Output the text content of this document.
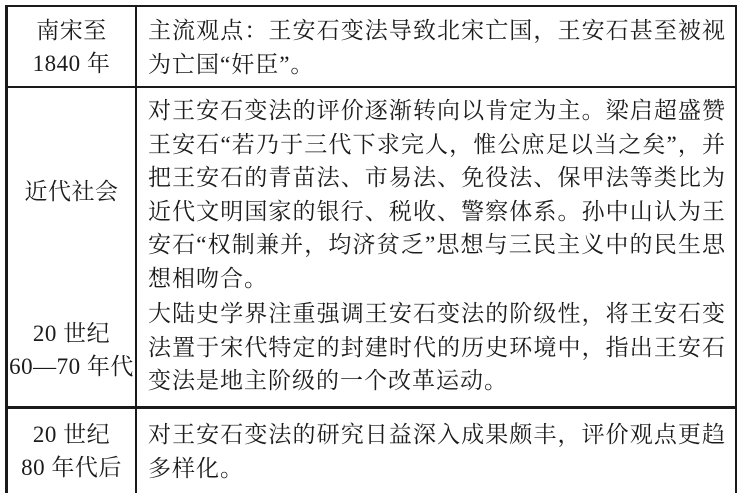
南宋至
1840 年
主流观点：王安石变法导致北宋亡国，王安石甚至被视为亡国“奸臣”。
近代社会
对王安石变法的评价逐渐转向以肯定为主。梁启超盛赞王安石“若乃于三代下求完人，惟公庶足以当之矣”，并把王安石的青苗法、市易法、免役法、保甲法等类比为近代文明国家的银行、税收、警察体系。孙中山认为王安石“权制兼并，均济贫乏”思想与三民主义中的民生思想相吻合。
20 世纪
60—70 年代
大陆史学界注重强调王安石变法的阶级性，将王安石变法置于宋代特定的封建时代的历史环境中，指出王安石变法是地主阶级的一个改革运动。
20 世纪
80 年代后
对王安石变法的研究日益深入成果颇丰，评价观点更趋多样化。
